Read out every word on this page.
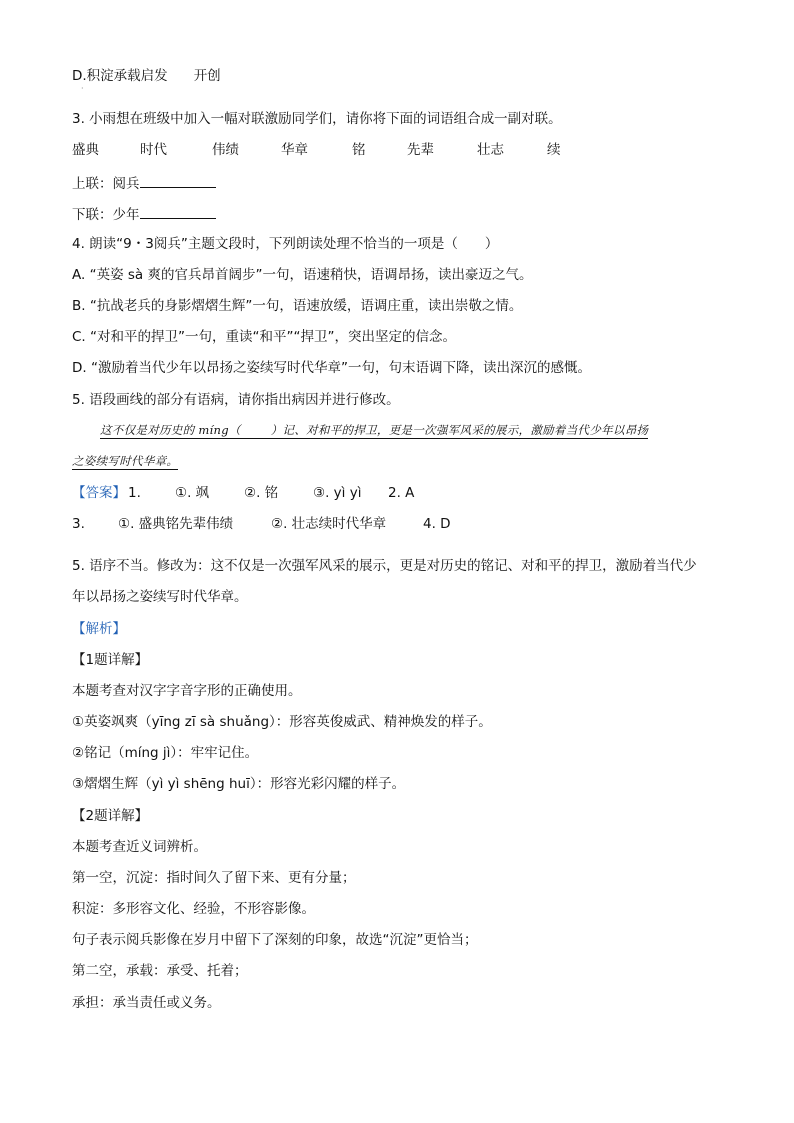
D.积淀承载启发 开创
·
3. 小雨想在班级中加入一幅对联激励同学们，请你将下面的词语组合成一副对联。
盛典	时代	伟绩	华章	铭	先辈	壮志	续
上联：阅兵
下联：少年
4. 朗读“9・3阅兵”主题文段时，下列朗读处理不恰当的一项是（　　）
A. “英姿 sà 爽的官兵昂首阔步”一句，语速稍快，语调昂扬，读出豪迈之气。
B. “抗战老兵的身影熠熠生辉”一句，语速放缓，语调庄重，读出崇敬之情。
C. “对和平的捍卫”一句，重读“和平”“捍卫”，突出坚定的信念。
D. “激励着当代少年以昂扬之姿续写时代华章”一句，句末语调下降，读出深沉的感慨。
5. 语段画线的部分有语病，请你指出病因并进行修改。
这不仅是对历史的 míng（	）记、对和平的捍卫，更是一次强军风采的展示，激励着当代少年以昂扬
之姿续写时代华章。
【答案】 1.	①. 飒	②. 铭	③. yì yì 2. A
3. ①. 盛典铭先辈伟绩	②. 壮志续时代华章	4. D
5. 语序不当。修改为：这不仅是一次强军风采的展示，更是对历史的铭记、对和平的捍卫，激励着当代少
年以昂扬之姿续写时代华章。
【解析】
【1题详解】
本题考查对汉字字音字形的正确使用。
①英姿飒爽（yīng zī sà shuǎng）：形容英俊威武、精神焕发的样子。
②铭记（míng jì）：牢牢记住。
③熠熠生辉（yì yì shēng huī）：形容光彩闪耀的样子。
【2题详解】
本题考查近义词辨析。
第一空，沉淀：指时间久了留下来、更有分量；
积淀：多形容文化、经验，不形容影像。
句子表示阅兵影像在岁月中留下了深刻的印象，故选“沉淀”更恰当；
第二空，承载：承受、托着；
承担：承当责任或义务。
